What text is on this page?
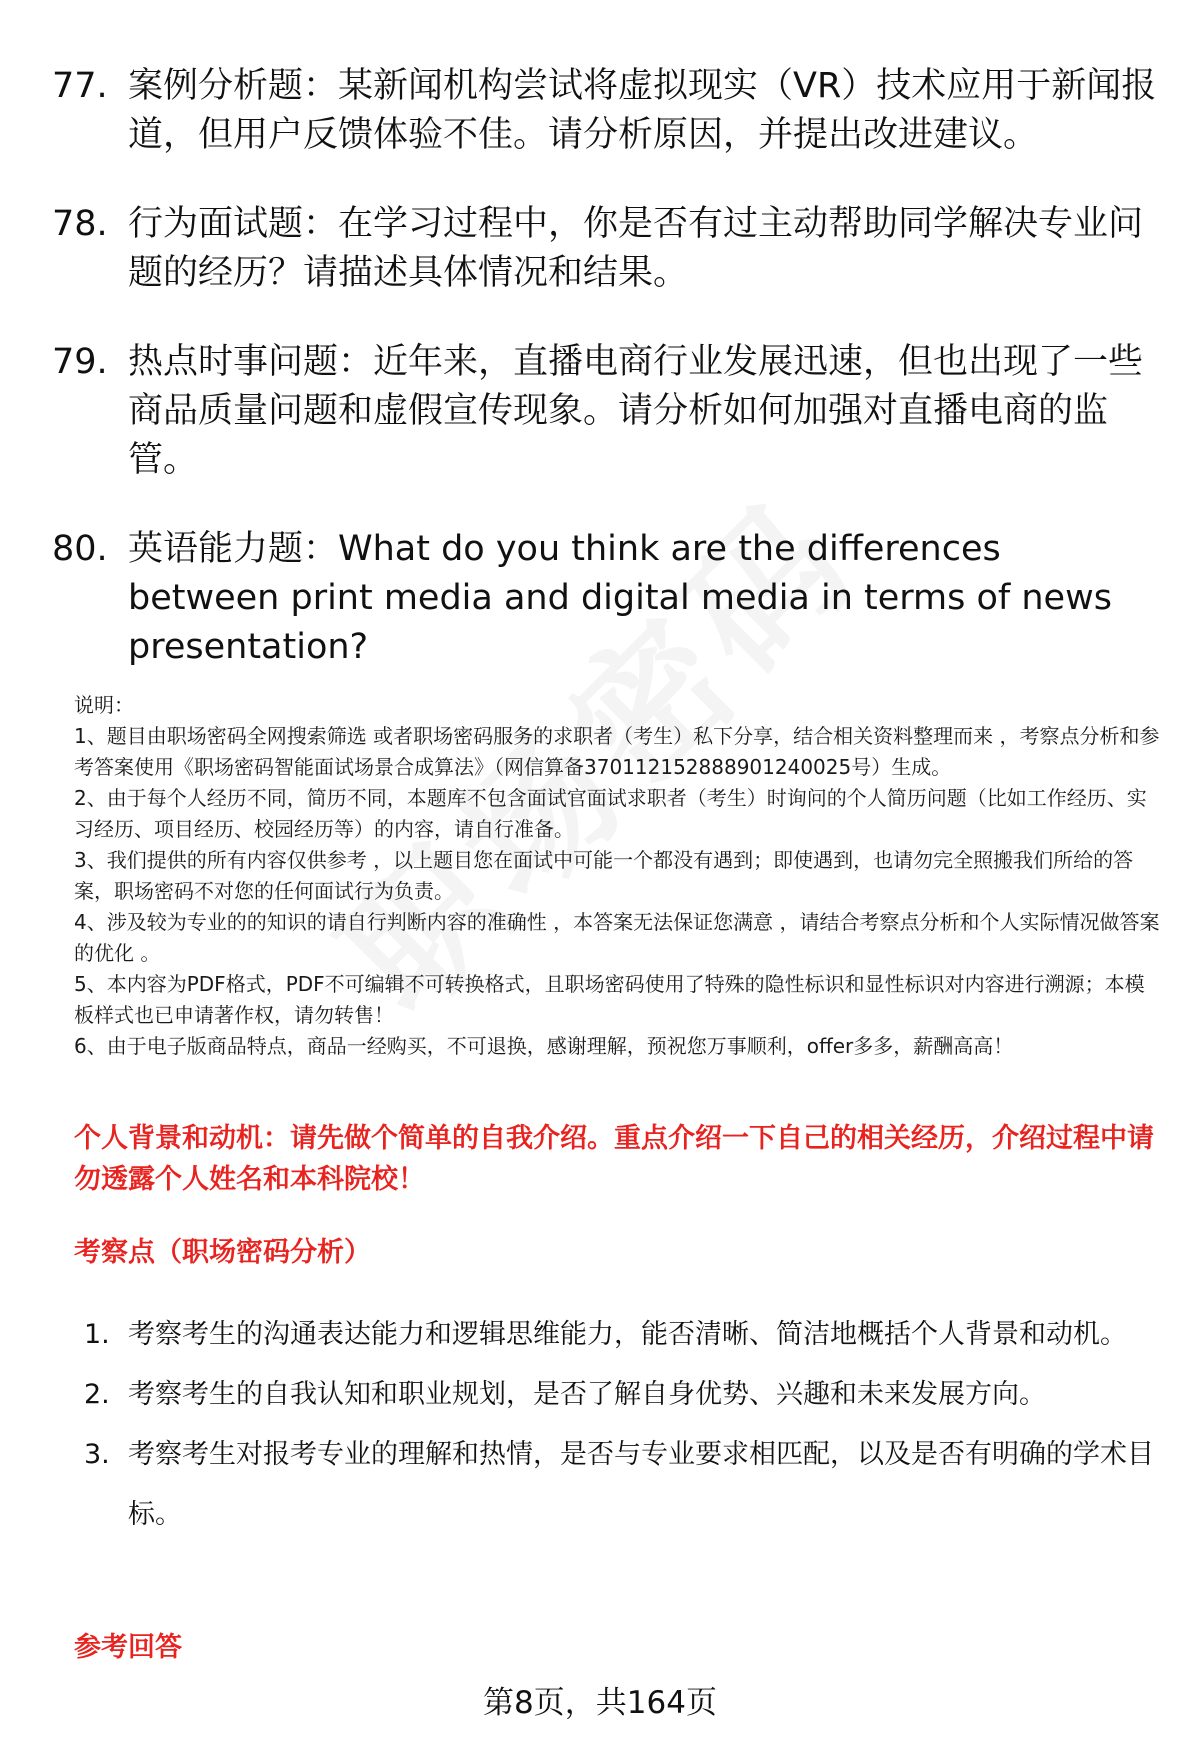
77. 案例分析题：某新闻机构尝试将虚拟现实（VR）技术应用于新闻报道，但用户反馈体验不佳。请分析原因，并提出改进建议。
78. 行为面试题：在学习过程中，你是否有过主动帮助同学解决专业问题的经历？请描述具体情况和结果。
79. 热点时事问题：近年来，直播电商行业发展迅速，但也出现了一些商品质量问题和虚假宣传现象。请分析如何加强对直播电商的监管。
80. 英语能力题：What do you think are the differences between print media and digital media in terms of news presentation?

说明：

1、题目由职场密码全网搜索筛选 或者职场密码服务的求职者（考生）私下分享，结合相关资料整理而来 ，考察点分析和参考答案使用《职场密码智能面试场景合成算法》（网信算备370112152888901240025号）生成。

2、由于每个人经历不同，简历不同，本题库不包含面试官面试求职者（考生）时询问的个人简历问题（比如工作经历、实习经历、项目经历、校园经历等）的内容，请自行准备。

3、我们提供的所有内容仅供参考 ，以上题目您在面试中可能一个都没有遇到；即使遇到，也请勿完全照搬我们所给的答案，职场密码不对您的任何面试行为负责。

4、涉及较为专业的的知识的请自行判断内容的准确性 ，本答案无法保证您满意 ，请结合考察点分析和个人实际情况做答案的优化 。

5、本内容为PDF格式，PDF不可编辑不可转换格式，且职场密码使用了特殊的隐性标识和显性标识对内容进行溯源；本模板样式也已申请著作权，请勿转售！

6、由于电子版商品特点，商品一经购买，不可退换，感谢理解，预祝您万事顺利，offer多多，薪酬高高！

个人背景和动机：请先做个简单的自我介绍。重点介绍一下自己的相关经历，介绍过程中请勿透露个人姓名和本科院校！
考察点（职场密码分析）
1. 考察考生的沟通表达能力和逻辑思维能力，能否清晰、简洁地概括个人背景和动机。
2. 考察考生的自我认知和职业规划，是否了解自身优势、兴趣和未来发展方向。
3. 考察考生对报考专业的理解和热情，是否与专业要求相匹配，以及是否有明确的学术目标。
参考回答
第8页，共164页
